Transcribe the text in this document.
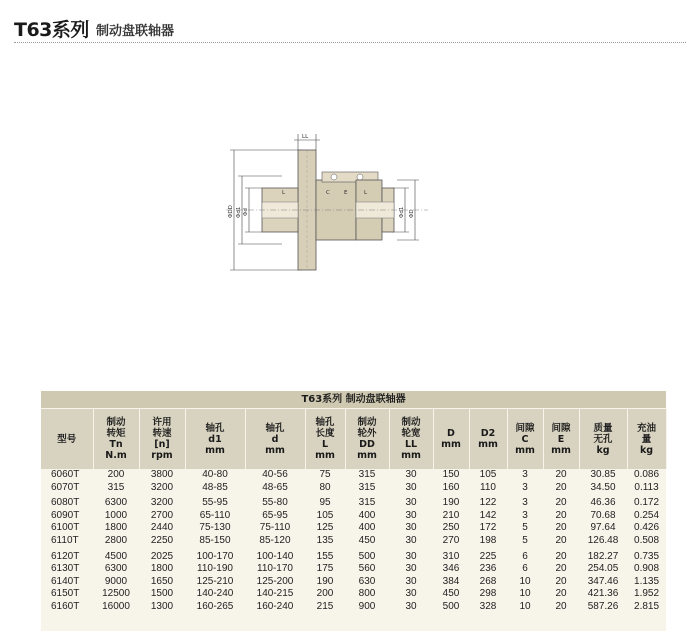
T63系列 制动盘联轴器
LL
L	L
C	E
ΦDD Φd1 Φd	Φd1 ΦD
T63系列 制动盘联轴器													

型号	制动
转矩
Tn
N.m	许用
转速
[n]
rpm	轴孔
d1
mm	轴孔
d
mm	轴孔
长度
L
mm	制动
轮外
DD
mm	制动
轮宽
LL
mm	D
mm	D2
mm	间隙
C
mm	间隙
E
mm	质量
无孔
kg	充油
量
kg

6060T	200	3800	40-80	40-56	75	315	30	150	105	3	20	30.85	0.086
6070T	315	3200	48-85	48-65	80	315	30	160	110	3	20	34.50	0.113
6080T	6300	3200	55-95	55-80	95	315	30	190	122	3	20	46.36	0.172
6090T	1000	2700	65-110	65-95	105	400	30	210	142	3	20	70.68	0.254
6100T	1800	2440	75-130	75-110	125	400	30	250	172	5	20	97.64	0.426
6110T	2800	2250	85-150	85-120	135	450	30	270	198	5	20	126.48	0.508
6120T	4500	2025	100-170	100-140	155	500	30	310	225	6	20	182.27	0.735
6130T	6300	1800	110-190	110-170	175	560	30	346	236	6	20	254.05	0.908
6140T	9000	1650	125-210	125-200	190	630	30	384	268	10	20	347.46	1.135
6150T	12500	1500	140-240	140-215	200	800	30	450	298	10	20	421.36	1.952
6160T	16000	1300	160-265	160-240	215	900	30	500	328	10	20	587.26	2.815
